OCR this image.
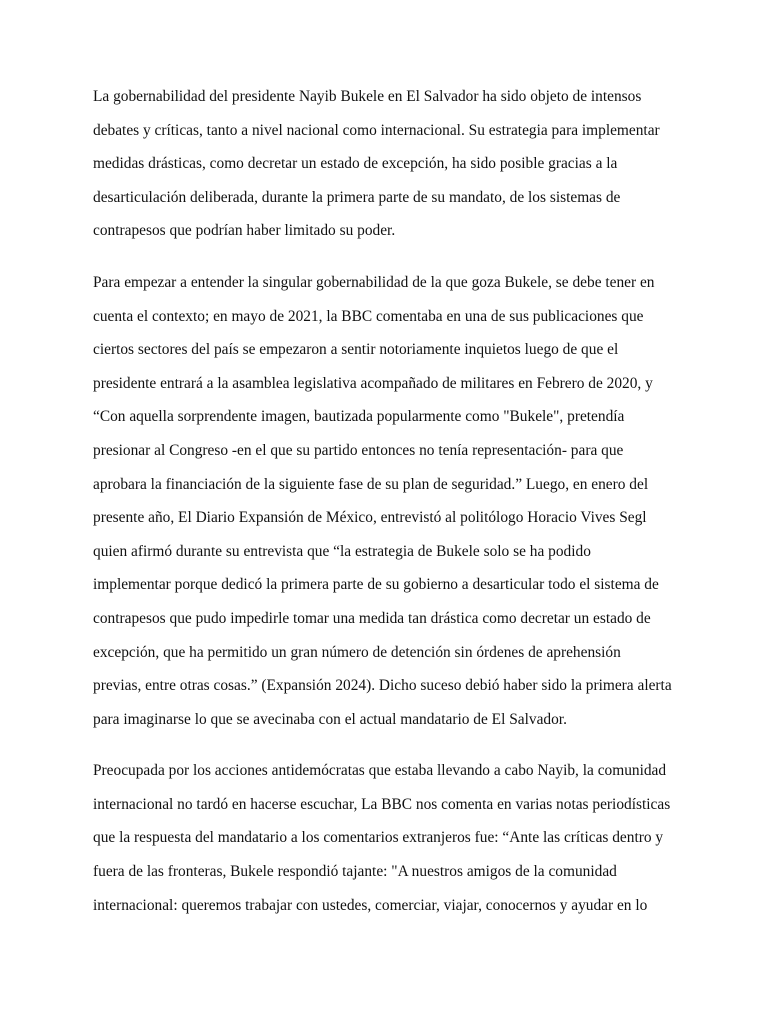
La gobernabilidad del presidente Nayib Bukele en El Salvador ha sido objeto de intensos
debates y críticas, tanto a nivel nacional como internacional. Su estrategia para implementar
medidas drásticas, como decretar un estado de excepción, ha sido posible gracias a la
desarticulación deliberada, durante la primera parte de su mandato, de los sistemas de
contrapesos que podrían haber limitado su poder.

Para empezar a entender la singular gobernabilidad de la que goza Bukele, se debe tener en
cuenta el contexto; en mayo de 2021, la BBC comentaba en una de sus publicaciones que
ciertos sectores del país se empezaron a sentir notoriamente inquietos luego de que el
presidente entrará a la asamblea legislativa acompañado de militares en Febrero de 2020, y
“Con aquella sorprendente imagen, bautizada popularmente como "Bukele", pretendía
presionar al Congreso -en el que su partido entonces no tenía representación- para que
aprobara la financiación de la siguiente fase de su plan de seguridad.” Luego, en enero del
presente año, El Diario Expansión de México, entrevistó al politólogo Horacio Vives Segl
quien afirmó durante su entrevista que “la estrategia de Bukele solo se ha podido
implementar porque dedicó la primera parte de su gobierno a desarticular todo el sistema de
contrapesos que pudo impedirle tomar una medida tan drástica como decretar un estado de
excepción, que ha permitido un gran número de detención sin órdenes de aprehensión
previas, entre otras cosas.” (Expansión 2024). Dicho suceso debió haber sido la primera alerta
para imaginarse lo que se avecinaba con el actual mandatario de El Salvador.

Preocupada por los acciones antidemócratas que estaba llevando a cabo Nayib, la comunidad
internacional no tardó en hacerse escuchar, La BBC nos comenta en varias notas periodísticas
que la respuesta del mandatario a los comentarios extranjeros fue: “Ante las críticas dentro y
fuera de las fronteras, Bukele respondió tajante: "A nuestros amigos de la comunidad
internacional: queremos trabajar con ustedes, comerciar, viajar, conocernos y ayudar en lo
